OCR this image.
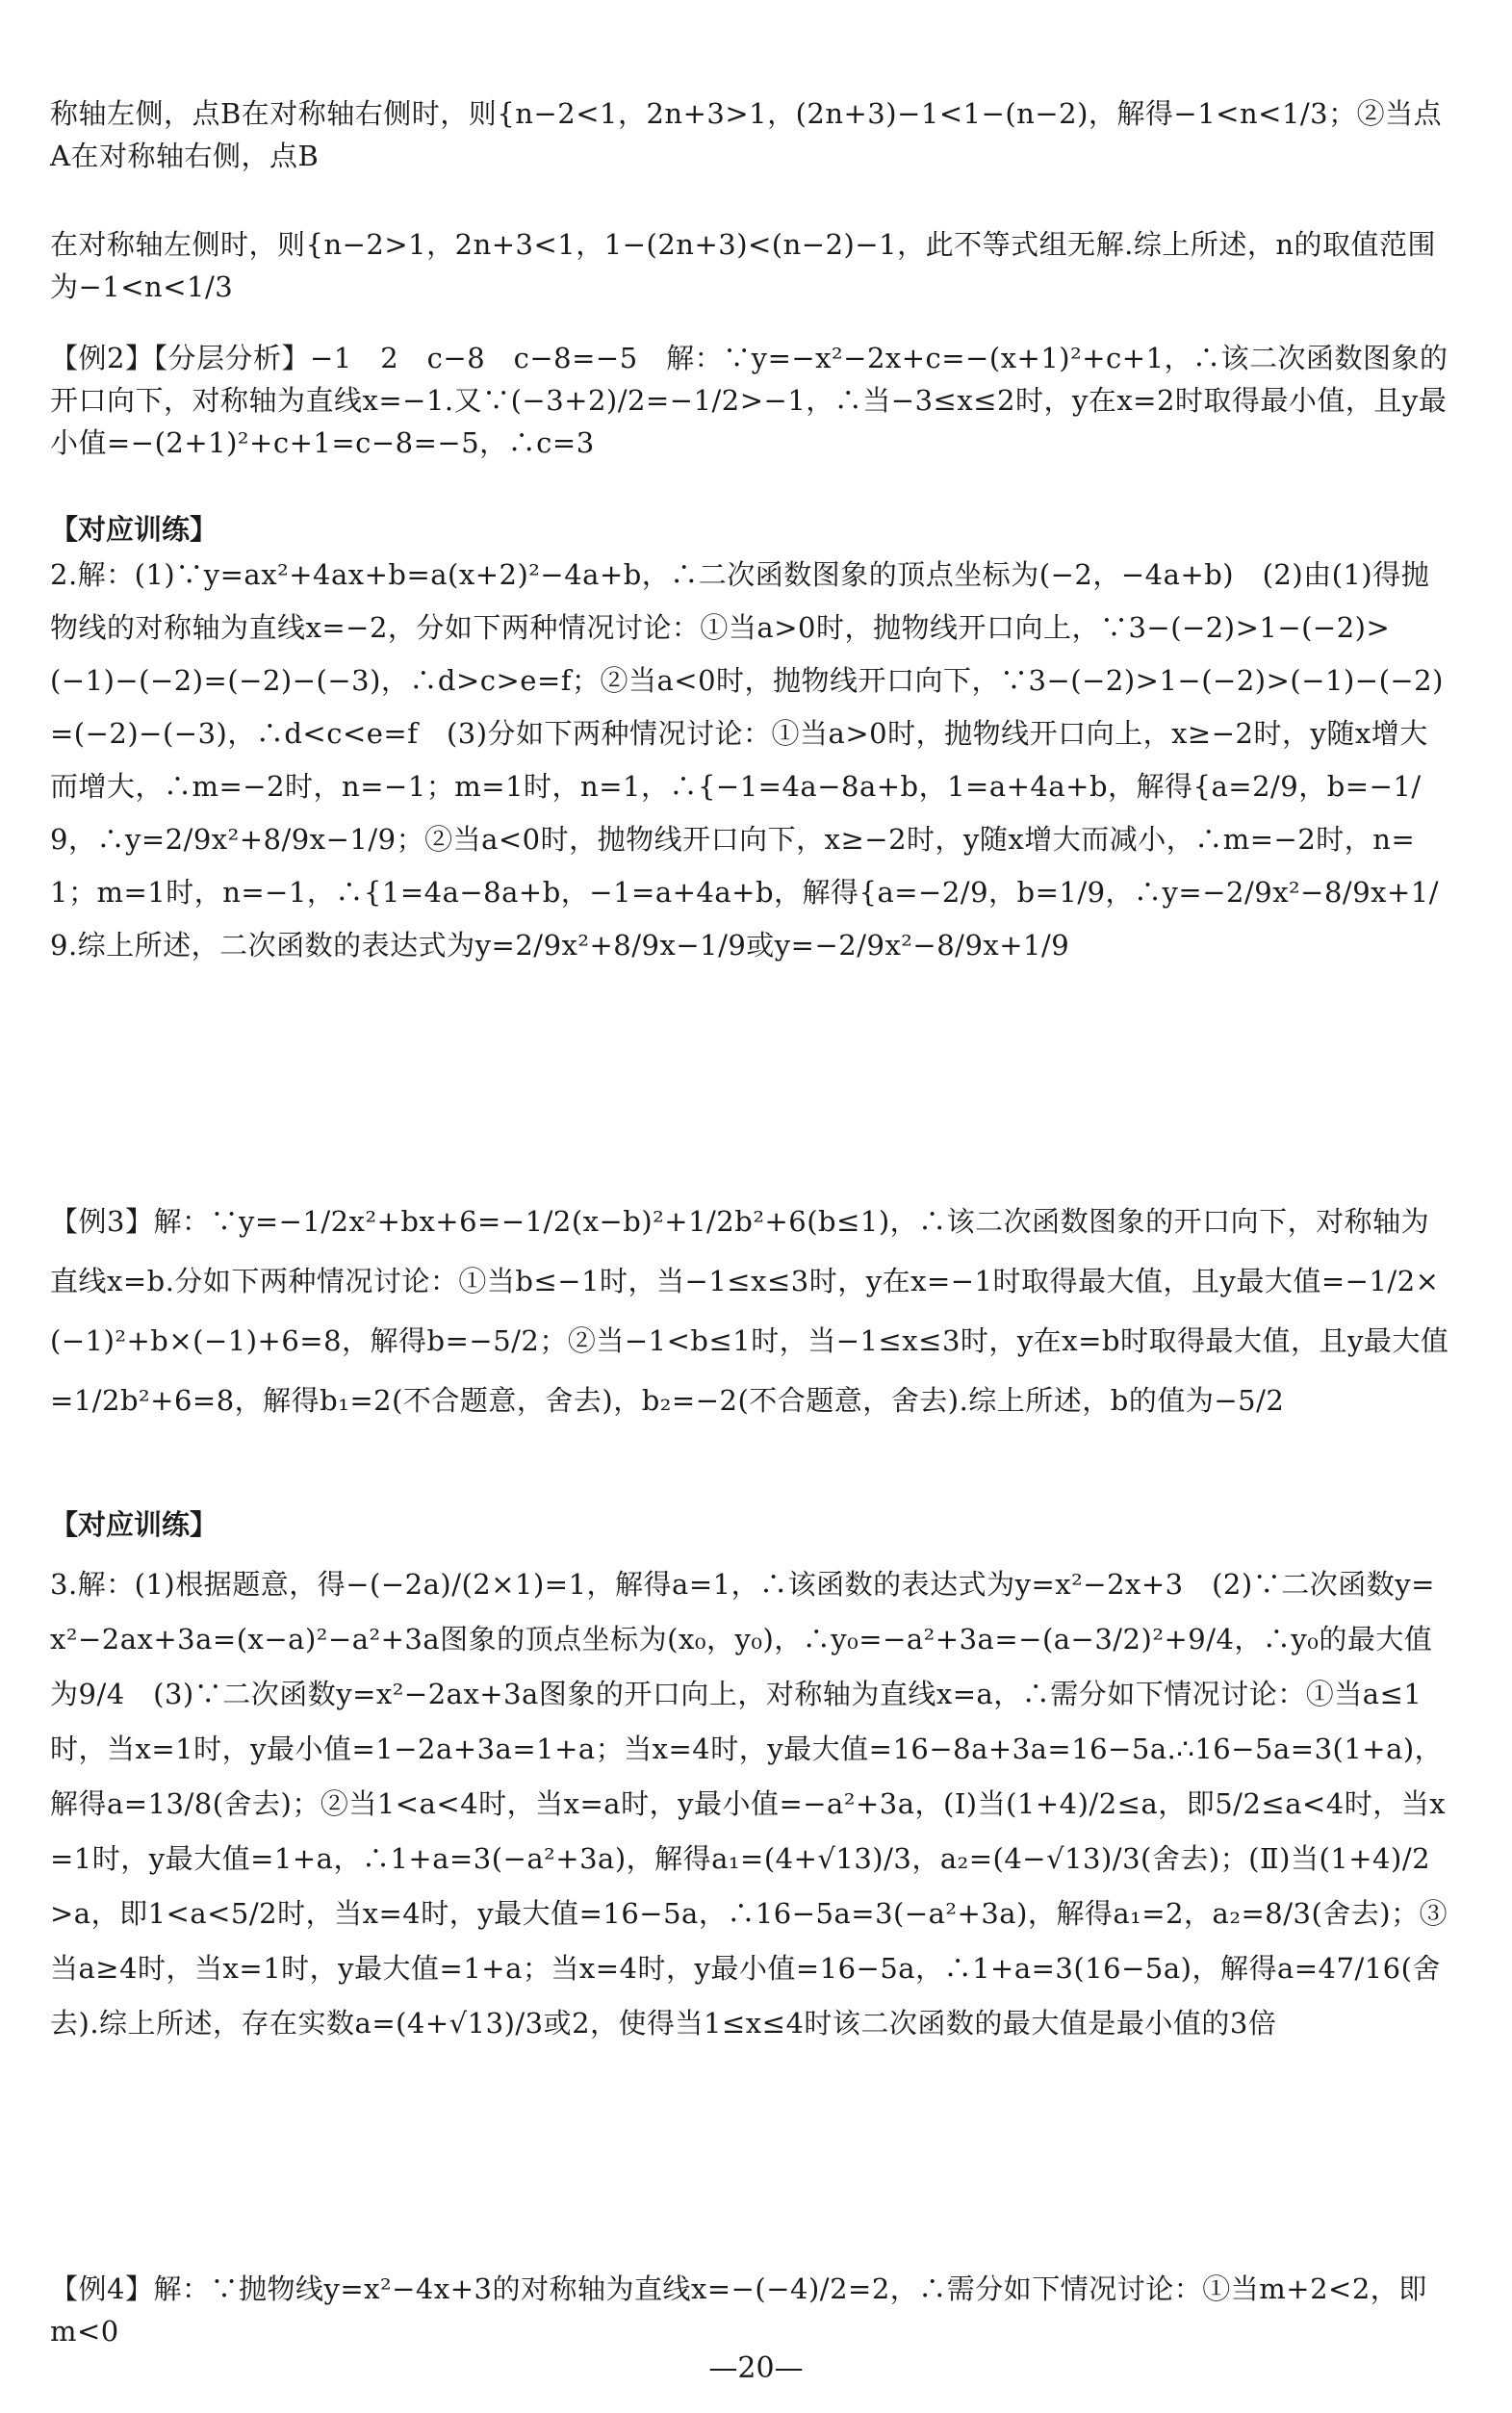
称轴左侧，点B在对称轴右侧时，则{n−2<1，2n+3>1，(2n+3)−1<1−(n−2)，解得−1<n<1/3；②当点A在对称轴右侧，点B
在对称轴左侧时，则{n−2>1，2n+3<1，1−(2n+3)<(n−2)−1，此不等式组无解.综上所述，n的取值范围为−1<n<1/3
【例2】【分层分析】−1　2　c−8　c−8=−5　解：∵y=−x²−2x+c=−(x+1)²+c+1，∴该二次函数图象的开口向下，对称轴为直线x=−1.又∵(−3+2)/2=−1/2>−1，∴当−3≤x≤2时，y在x=2时取得最小值，且y最小值=−(2+1)²+c+1=c−8=−5，∴c=3
【对应训练】
2.解：(1)∵y=ax²+4ax+b=a(x+2)²−4a+b，∴二次函数图象的顶点坐标为(−2，−4a+b)　(2)由(1)得抛物线的对称轴为直线x=−2，分如下两种情况讨论：①当a>0时，抛物线开口向上，∵3−(−2)>1−(−2)>(−1)−(−2)=(−2)−(−3)，∴d>c>e=f；②当a<0时，抛物线开口向下，∵3−(−2)>1−(−2)>(−1)−(−2)=(−2)−(−3)，∴d<c<e=f　(3)分如下两种情况讨论：①当a>0时，抛物线开口向上，x≥−2时，y随x增大而增大，∴m=−2时，n=−1；m=1时，n=1，∴{−1=4a−8a+b，1=a+4a+b，解得{a=2/9，b=−1/9，∴y=2/9x²+8/9x−1/9；②当a<0时，抛物线开口向下，x≥−2时，y随x增大而减小，∴m=−2时，n=1；m=1时，n=−1，∴{1=4a−8a+b，−1=a+4a+b，解得{a=−2/9，b=1/9，∴y=−2/9x²−8/9x+1/9.综上所述，二次函数的表达式为y=2/9x²+8/9x−1/9或y=−2/9x²−8/9x+1/9
【例3】解：∵y=−1/2x²+bx+6=−1/2(x−b)²+1/2b²+6(b≤1)，∴该二次函数图象的开口向下，对称轴为直线x=b.分如下两种情况讨论：①当b≤−1时，当−1≤x≤3时，y在x=−1时取得最大值，且y最大值=−1/2×(−1)²+b×(−1)+6=8，解得b=−5/2；②当−1<b≤1时，当−1≤x≤3时，y在x=b时取得最大值，且y最大值=1/2b²+6=8，解得b₁=2(不合题意，舍去)，b₂=−2(不合题意，舍去).综上所述，b的值为−5/2
【对应训练】
3.解：(1)根据题意，得−(−2a)/(2×1)=1，解得a=1，∴该函数的表达式为y=x²−2x+3　(2)∵二次函数y=x²−2ax+3a=(x−a)²−a²+3a图象的顶点坐标为(x₀，y₀)，∴y₀=−a²+3a=−(a−3/2)²+9/4，∴y₀的最大值为9/4　(3)∵二次函数y=x²−2ax+3a图象的开口向上，对称轴为直线x=a，∴需分如下情况讨论：①当a≤1时，当x=1时，y最小值=1−2a+3a=1+a；当x=4时，y最大值=16−8a+3a=16−5a.∴16−5a=3(1+a)，解得a=13/8(舍去)；②当1<a<4时，当x=a时，y最小值=−a²+3a，(Ⅰ)当(1+4)/2≤a，即5/2≤a<4时，当x=1时，y最大值=1+a，∴1+a=3(−a²+3a)，解得a₁=(4+√13)/3，a₂=(4−√13)/3(舍去)；(Ⅱ)当(1+4)/2>a，即1<a<5/2时，当x=4时，y最大值=16−5a，∴16−5a=3(−a²+3a)，解得a₁=2，a₂=8/3(舍去)；③当a≥4时，当x=1时，y最大值=1+a；当x=4时，y最小值=16−5a，∴1+a=3(16−5a)，解得a=47/16(舍去).综上所述，存在实数a=(4+√13)/3或2，使得当1≤x≤4时该二次函数的最大值是最小值的3倍
【例4】解：∵抛物线y=x²−4x+3的对称轴为直线x=−(−4)/2=2，∴需分如下情况讨论：①当m+2<2，即m<0
—20—
